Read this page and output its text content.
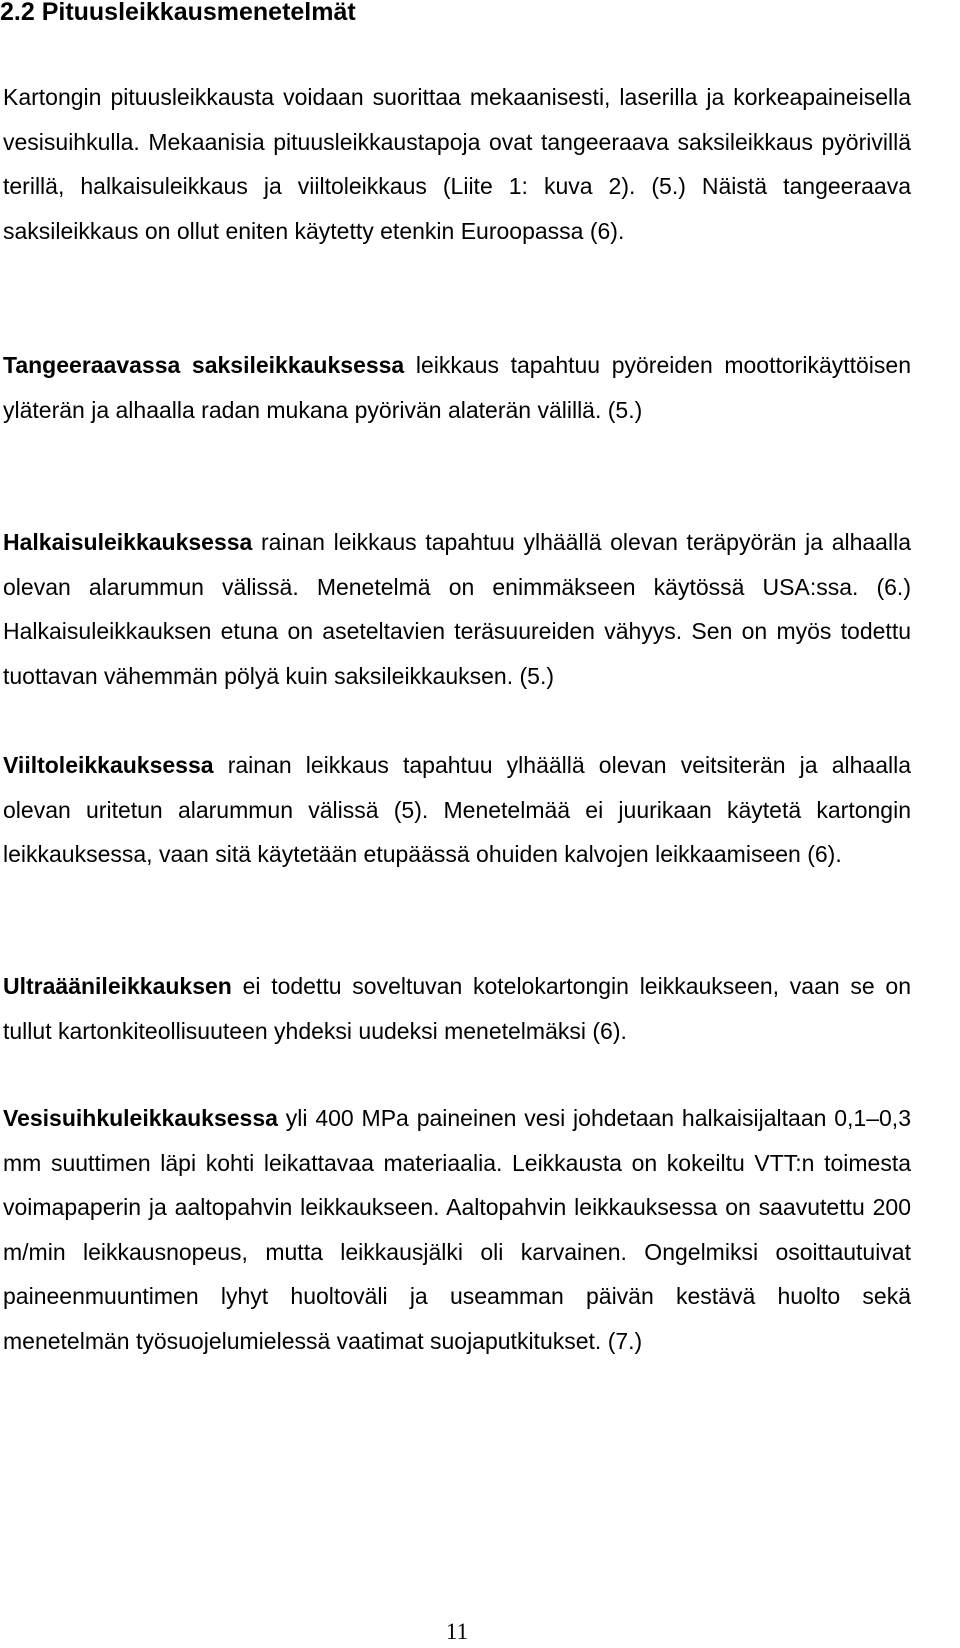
2.2 Pituusleikkausmenetelmät

Kartongin pituusleikkausta voidaan suorittaa mekaanisesti, laserilla ja korkeapaineisella vesisuihkulla. Mekaanisia pituusleikkaustapoja ovat tangeeraava saksileikkaus pyörivillä terillä, halkaisuleikkaus ja viiltoleikkaus (Liite 1: kuva 2). (5.) Näistä tangeeraava saksileikkaus on ollut eniten käytetty etenkin Euroopassa (6).

Tangeeraavassa saksileikkauksessa leikkaus tapahtuu pyöreiden moottorikäyttöisen yläterän ja alhaalla radan mukana pyörivän alaterän välillä. (5.)

Halkaisuleikkauksessa rainan leikkaus tapahtuu ylhäällä olevan teräpyörän ja alhaalla olevan alarummun välissä. Menetelmä on enimmäkseen käytössä USA:ssa. (6.) Halkaisuleikkauksen etuna on aseteltavien teräsuureiden vähyys. Sen on myös todettu tuottavan vähemmän pölyä kuin saksileikkauksen. (5.)

Viiltoleikkauksessa rainan leikkaus tapahtuu ylhäällä olevan veitsiterän ja alhaalla olevan uritetun alarummun välissä (5). Menetelmää ei juurikaan käytetä kartongin leikkauksessa, vaan sitä käytetään etupäässä ohuiden kalvojen leikkaamiseen (6).

Ultraäänileikkauksen ei todettu soveltuvan kotelokartongin leikkaukseen, vaan se on tullut kartonkiteollisuuteen yhdeksi uudeksi menetelmäksi (6).

Vesisuihkuleikkauksessa yli 400 MPa paineinen vesi johdetaan halkaisijaltaan 0,1–0,3 mm suuttimen läpi kohti leikattavaa materiaalia. Leikkausta on kokeiltu VTT:n toimesta voimapaperin ja aaltopahvin leikkaukseen. Aaltopahvin leikkauksessa on saavutettu 200 m/min leikkausnopeus, mutta leikkausjälki oli karvainen. Ongelmiksi osoittautuivat paineenmuuntimen lyhyt huoltoväli ja useamman päivän kestävä huolto sekä menetelmän työsuojelumielessä vaatimat suojaputkitukset. (7.)

11
